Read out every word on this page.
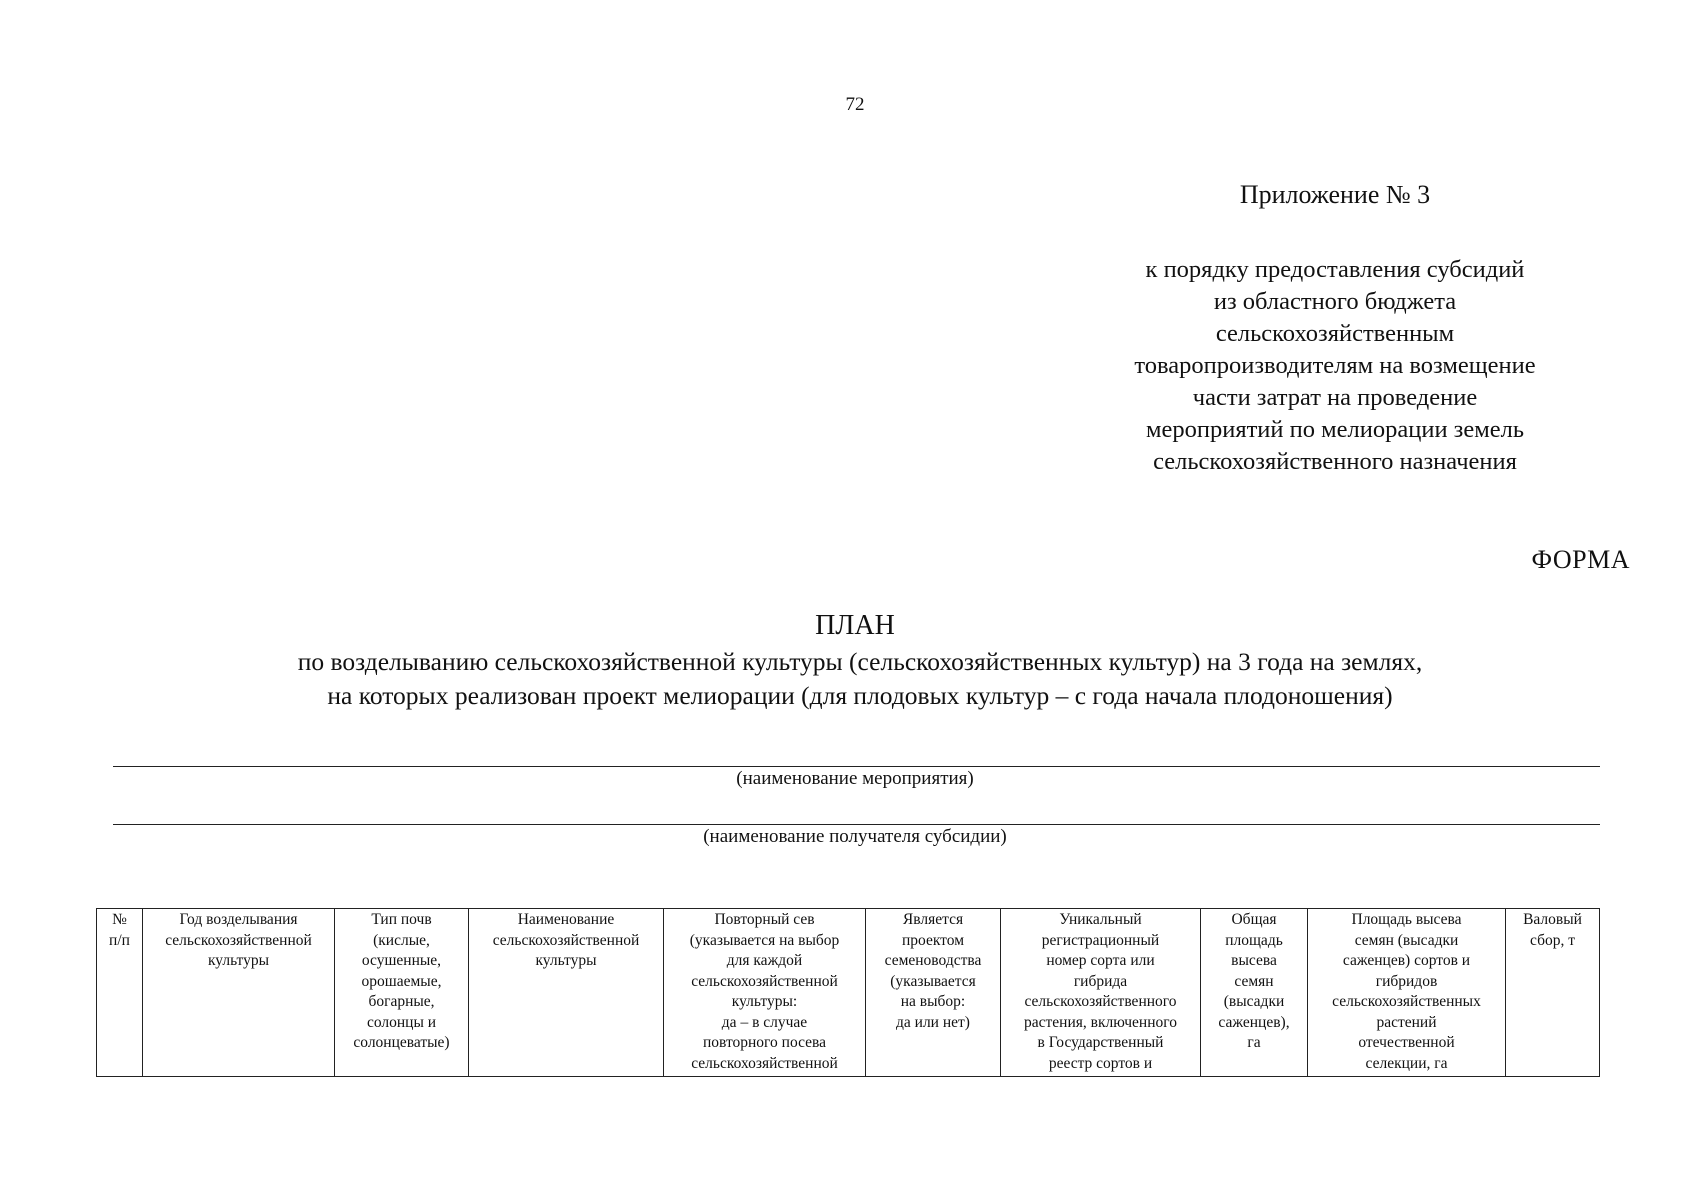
72
Приложение № 3
к порядку предоставления субсидий
из областного бюджета
сельскохозяйственным
товаропроизводителям на возмещение
части затрат на проведение
мероприятий по мелиорации земель
сельскохозяйственного назначения
ФОРМА
ПЛАН
по возделыванию сельскохозяйственной культуры (сельскохозяйственных культур) на 3 года на землях,
на которых реализован проект мелиорации (для плодовых культур – с года начала плодоношения)
(наименование мероприятия)
(наименование получателя субсидии)
№
п/п

Год возделывания
сельскохозяйственной
культуры

Тип почв
(кислые,
осушенные,
орошаемые,
богарные,
солонцы и
солонцеватые)

Наименование
сельскохозяйственной
культуры

Повторный сев
(указывается на выбор
для каждой
сельскохозяйственной
культуры:
да – в случае
повторного посева
сельскохозяйственной

Является
проектом
семеноводства
(указывается
на выбор:
да или нет)

Уникальный
регистрационный
номер сорта или
гибрида
сельскохозяйственного
растения, включенного
в Государственный
реестр сортов и

Общая
площадь
высева
семян
(высадки
саженцев),
га

Площадь высева
семян (высадки
саженцев) сортов и
гибридов
сельскохозяйственных
растений
отечественной
селекции, га

Валовый
сбор, т
